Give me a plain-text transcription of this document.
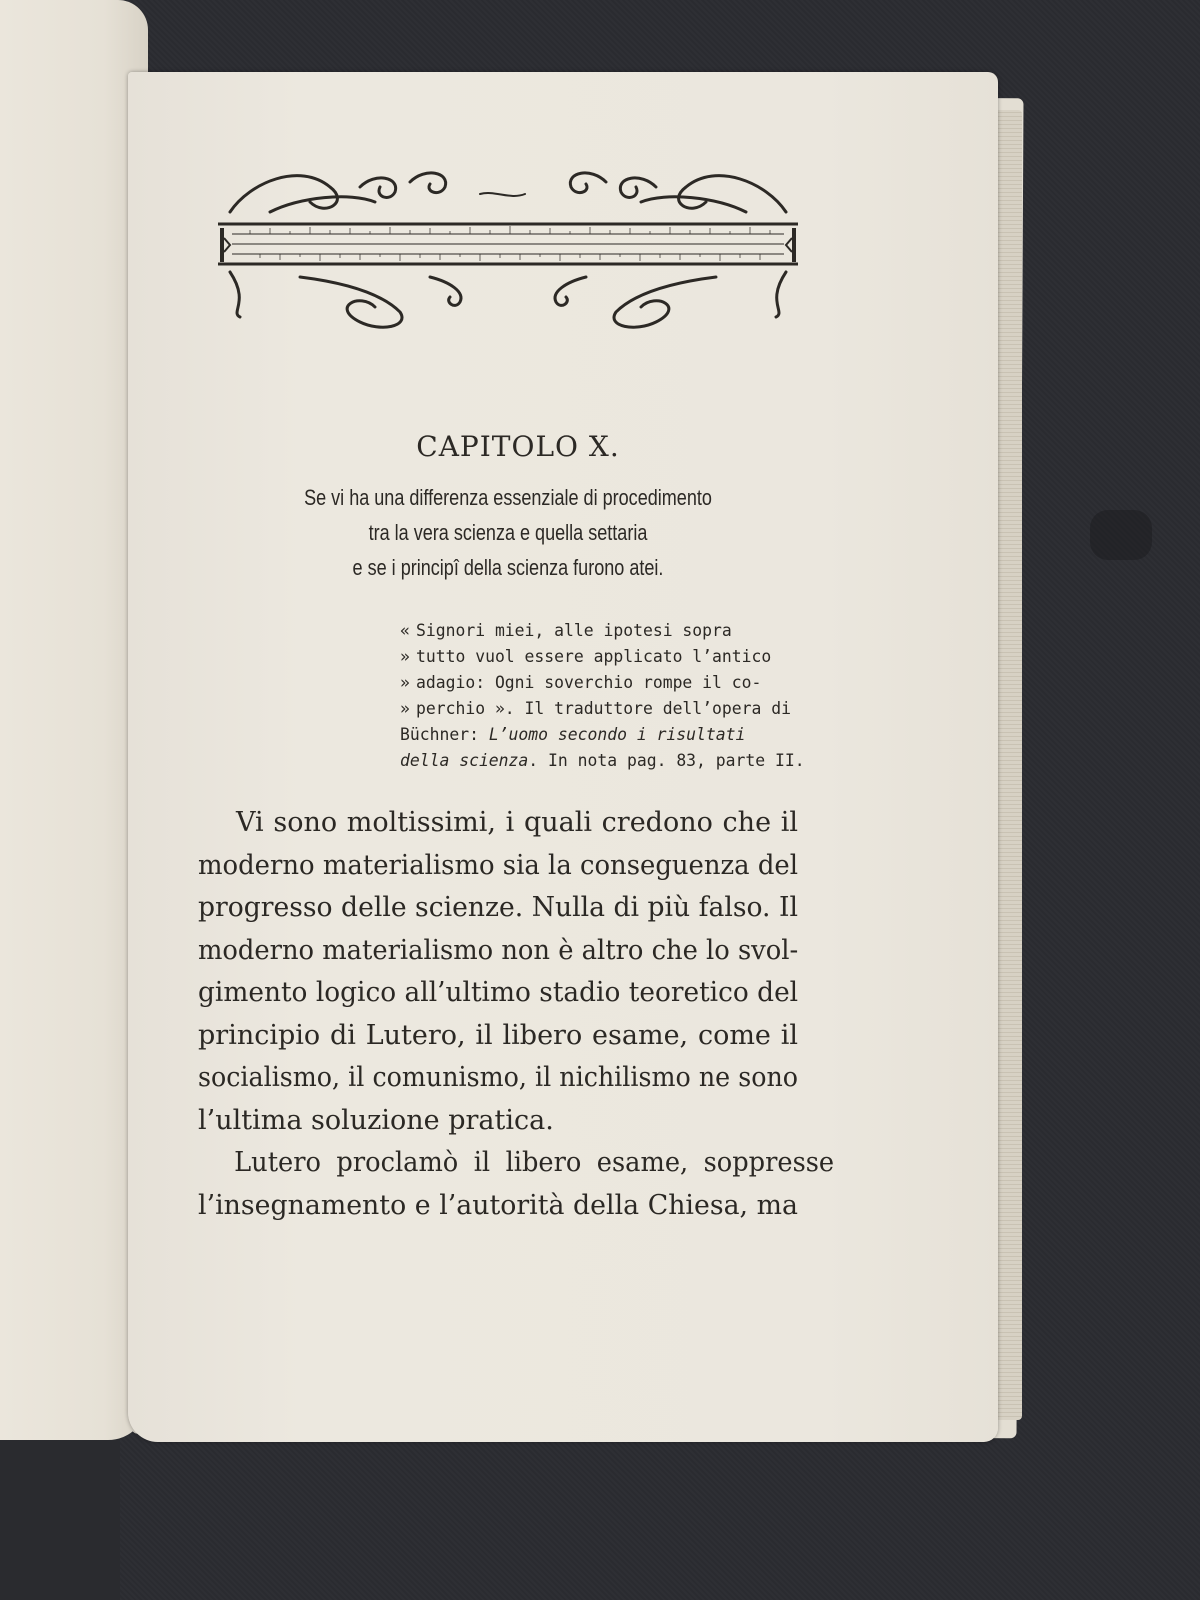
CAPITOLO X.
Se vi ha una differenza essenziale di procedimento
tra la vera scienza e quella settaria
e se i principî della scienza furono atei.
« Signori miei, alle ipotesi sopra
» tutto vuol essere applicato l’antico
» adagio: Ogni soverchio rompe il co-
» perchio ». Il traduttore dell’opera di
Büchner: L’uomo secondo i risultati
della scienza. In nota pag. 83, parte II.
Vi sono moltissimi, i quali credono che il
moderno materialismo sia la conseguenza del
progresso delle scienze. Nulla di più falso. Il
moderno materialismo non è altro che lo svol-
gimento logico all’ultimo stadio teoretico del
principio di Lutero, il libero esame, come il
socialismo, il comunismo, il nichilismo ne sono
l’ultima soluzione pratica.
Lutero proclamò il libero esame, soppresse
l’insegnamento e l’autorità della Chiesa, ma
